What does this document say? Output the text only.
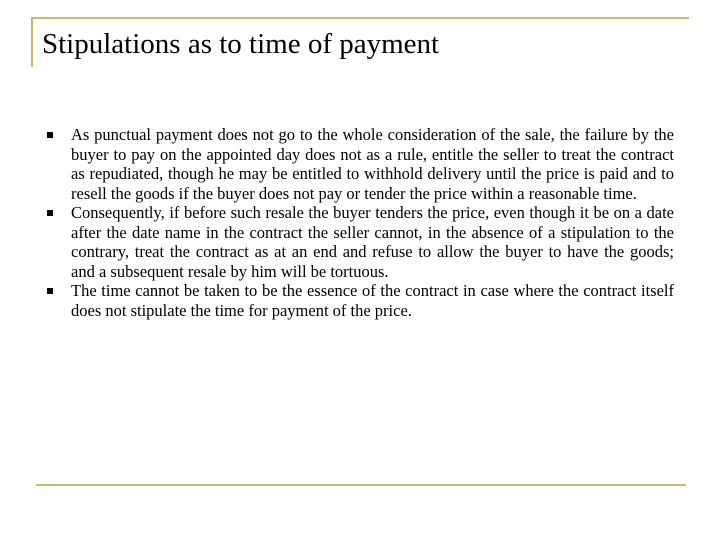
Stipulations as to time of payment
As punctual payment does not go to the whole consideration of the sale, the failure by the buyer to pay on the appointed day does not as a rule, entitle the seller to treat the contract as repudiated, though he may be entitled to withhold delivery until the price is paid and to resell the goods if the buyer does not pay or tender the price within a reasonable time.
Consequently, if before such resale the buyer tenders the price, even though it be on a date after the date name in the contract the seller cannot, in the absence of a stipulation to the contrary, treat the contract as at an end and refuse to allow the buyer to have the goods; and a subsequent resale by him will be tortuous.
The time cannot be taken to be the essence of the contract in case where the contract itself does not stipulate the time for payment of the price.
